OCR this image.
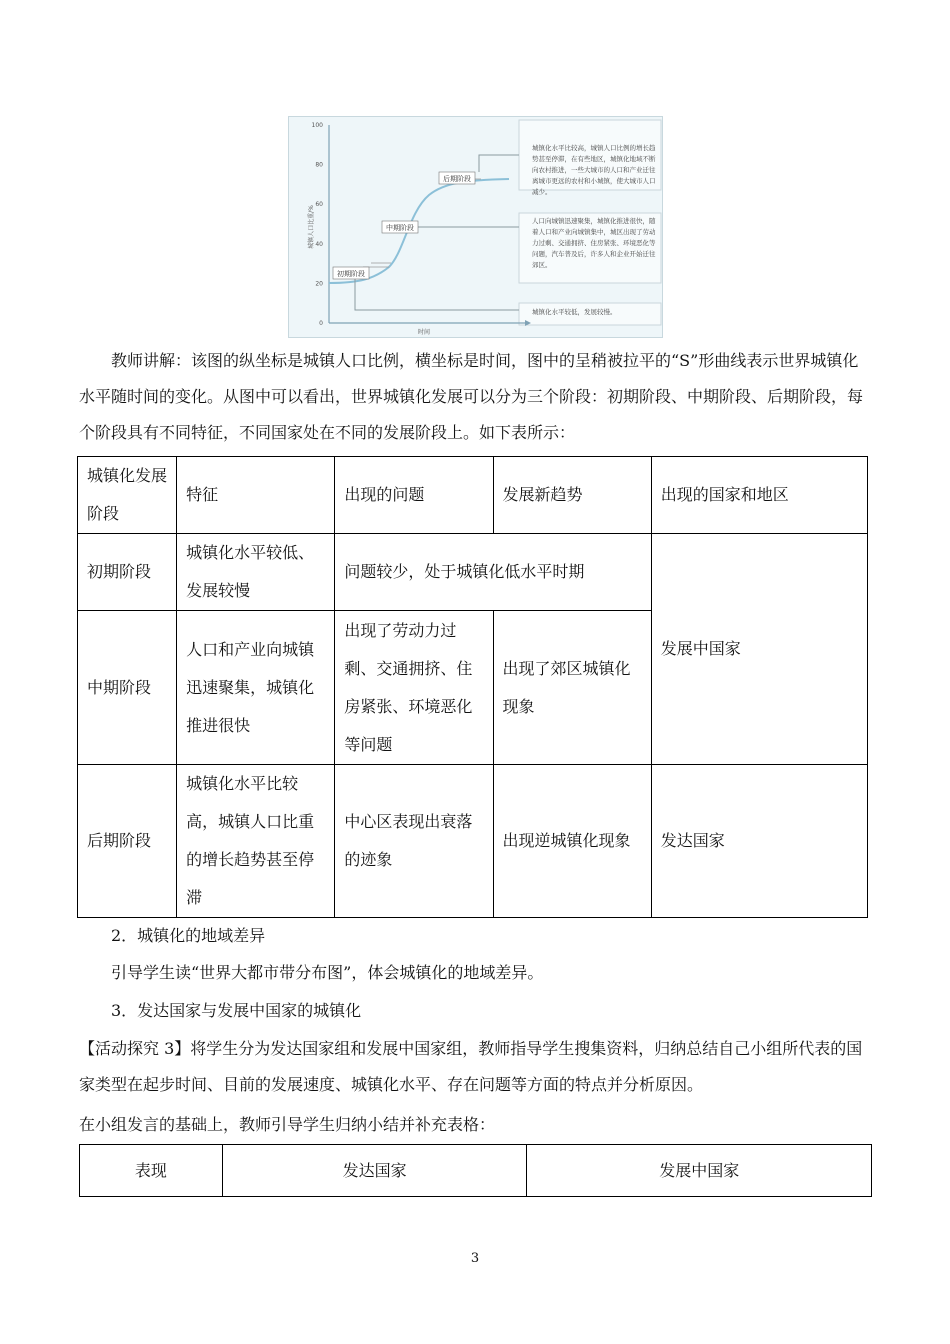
100
80
60
40
20
0
后期阶段
中期阶段
初期阶段
城镇人口比重/%
时间
城镇化水平比较高，城镇人口比例的增长趋势甚至停滞，在有些地区，城镇化地域不断向农村推进，一些大城市的人口和产业迁往离城市更远的农村和小城镇，使大城市人口减少。
人口向城镇迅速聚集，城镇化推进很快，随着人口和产业向城镇集中，城区出现了劳动力过剩、交通拥挤、住房紧张、环境恶化等问题，汽车普及后，许多人和企业开始迁往郊区。
城镇化水平较低，发展较慢。

教师讲解：该图的纵坐标是城镇人口比例，横坐标是时间，图中的呈稍被拉平的“S”形曲线表示世界城镇化水平随时间的变化。从图中可以看出，世界城镇化发展可以分为三个阶段：初期阶段、中期阶段、后期阶段，每个阶段具有不同特征，不同国家处在不同的发展阶段上。如下表所示：

城镇化发展阶段	特征	出现的问题	发展新趋势	出现的国家和地区
初期阶段	城镇化水平较低、发展较慢	问题较少，处于城镇化低水平时期		发展中国家
中期阶段	人口和产业向城镇迅速聚集，城镇化推进很快	出现了劳动力过剩、交通拥挤、住房紧张、环境恶化等问题	出现了郊区城镇化现象	
后期阶段	城镇化水平比较高，城镇人口比重的增长趋势甚至停滞	中心区表现出衰落的迹象	出现逆城镇化现象	发达国家

2．城镇化的地域差异

引导学生读“世界大都市带分布图”，体会城镇化的地域差异。

3．发达国家与发展中国家的城镇化

【活动探究 3】将学生分为发达国家组和发展中国家组，教师指导学生搜集资料，归纳总结自己小组所代表的国家类型在起步时间、目前的发展速度、城镇化水平、存在问题等方面的特点并分析原因。

在小组发言的基础上，教师引导学生归纳小结并补充表格：

表现	发达国家	发展中国家
3
